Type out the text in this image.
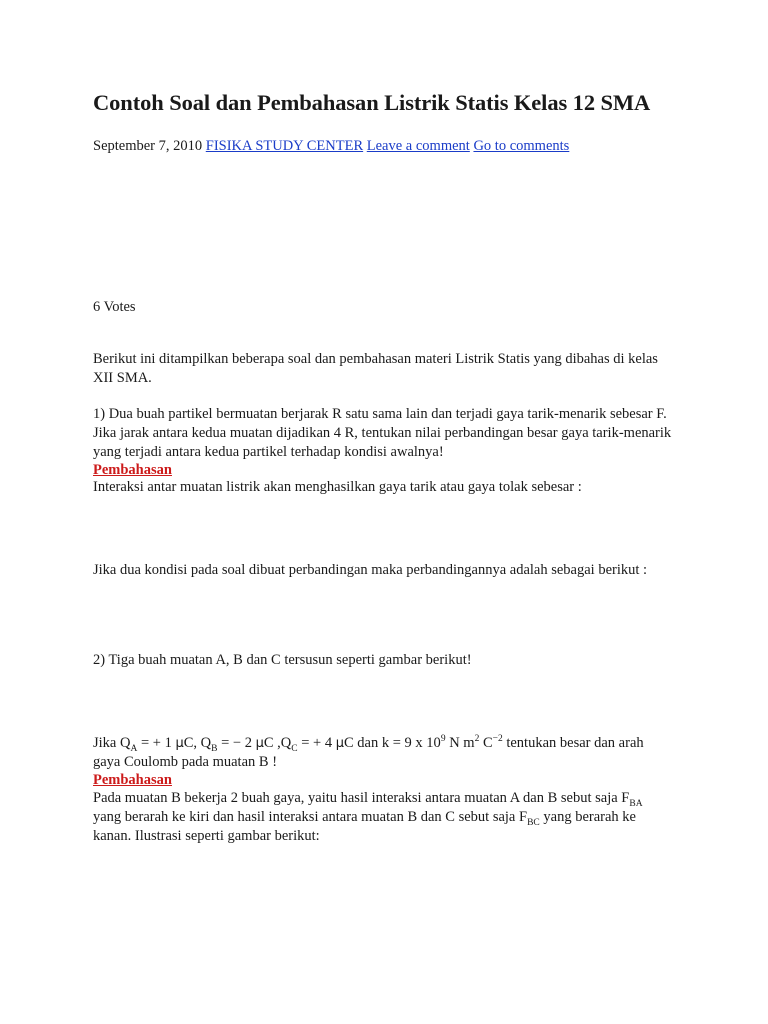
Contoh Soal dan Pembahasan Listrik Statis Kelas 12 SMA
September 7, 2010 FISIKA STUDY CENTER Leave a comment Go to comments

6 Votes

Berikut ini ditampilkan beberapa soal dan pembahasan materi Listrik Statis yang dibahas di kelas XII SMA.

1) Dua buah partikel bermuatan berjarak R satu sama lain dan terjadi gaya tarik-menarik sebesar F. Jika jarak antara kedua muatan dijadikan 4 R, tentukan nilai perbandingan besar gaya tarik-menarik yang terjadi antara kedua partikel terhadap kondisi awalnya!

Pembahasan

Interaksi antar muatan listrik akan menghasilkan gaya tarik atau gaya tolak sebesar :

Jika dua kondisi pada soal dibuat perbandingan maka perbandingannya adalah sebagai berikut :

2) Tiga buah muatan A, B dan C tersusun seperti gambar berikut!

Jika $Q_A$ = + 1 μC, $Q_B$ = − 2 μC $,Q_C$ = + 4 μC dan k = 9 x $10^9$ N $m^2$ $C^{-2}$ tentukan besar dan arah gaya Coulomb pada muatan B !

Pembahasan

Pada muatan B bekerja 2 buah gaya, yaitu hasil interaksi antara muatan A dan B sebut saja $F_{BA}$ yang berarah ke kiri dan hasil interaksi antara muatan B dan C sebut saja $F_{BC}$ yang berarah ke kanan. Ilustrasi seperti gambar berikut:
